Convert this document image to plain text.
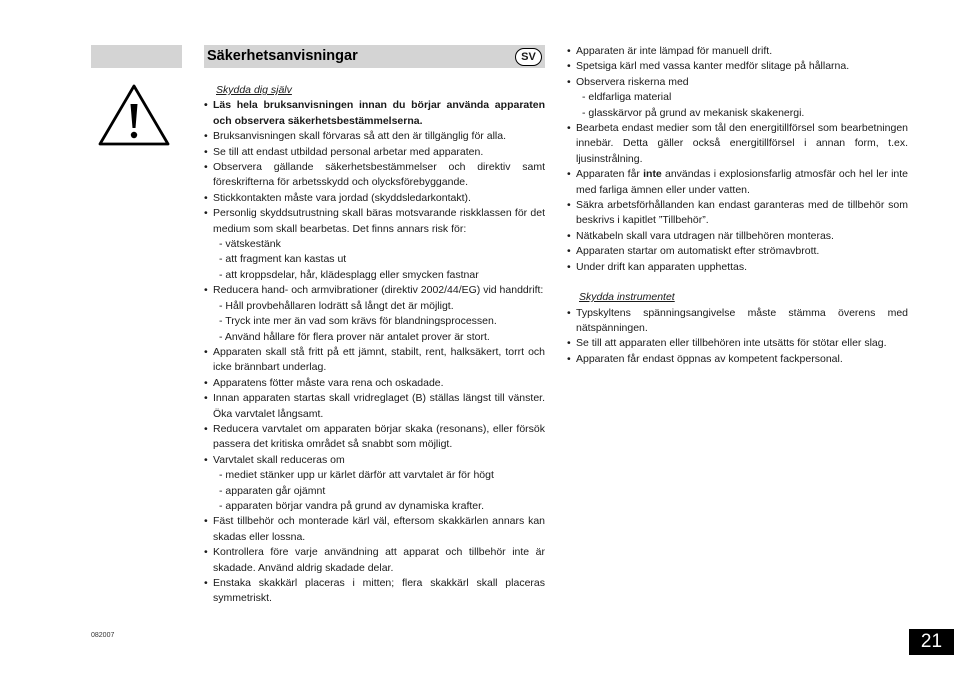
Säkerhetsanvisningar	SV
Skydda dig själv
• Läs hela bruksanvisningen innan du börjar använda apparaten och observera säkerhetsbestämmelserna.
• Bruksanvisningen skall förvaras så att den är tillgänglig för alla.
• Se till att endast utbildad personal arbetar med apparaten.
• Observera gällande säkerhetsbestämmelser och direktiv samt föreskrifterna för arbetsskydd och olycksförebyggande.
• Stickkontakten måste vara jordad (skyddsledarkontakt).
• Personlig skyddsutrustning skall bäras motsvarande riskklassen för det medium som skall bearbetas. Det finns annars risk för:
- vätskestänk
- att fragment kan kastas ut
- att kroppsdelar, hår, klädesplagg eller smycken fastnar
• Reducera hand- och armvibrationer (direktiv 2002/44/EG) vid handdrift:
- Håll provbehållaren lodrätt så långt det är möjligt.
- Tryck inte mer än vad som krävs för blandningsprocessen.
- Använd hållare för flera prover när antalet prover är stort.
• Apparaten skall stå fritt på ett jämnt, stabilt, rent, halksäkert, torrt och icke brännbart underlag.
• Apparatens fötter måste vara rena och oskadade.
• Innan apparaten startas skall vridreglaget (B) ställas längst till vänster. Öka varvtalet långsamt.
• Reducera varvtalet om apparaten börjar skaka (resonans), eller försök passera det kritiska området så snabbt som möjligt.
• Varvtalet skall reduceras om
- mediet stänker upp ur kärlet därför att varvtalet är för högt
- apparaten går ojämnt
- apparaten börjar vandra på grund av dynamiska krafter.
• Fäst tillbehör och monterade kärl väl, eftersom skakkärlen annars kan skadas eller lossna.
• Kontrollera före varje användning att apparat och tillbehör inte är skadade. Använd aldrig skadade delar.
• Enstaka skakkärl placeras i mitten; flera skakkärl skall placeras symmetriskt.
• Apparaten är inte lämpad för manuell drift.
• Spetsiga kärl med vassa kanter medför slitage på hållarna.
• Observera riskerna med
- eldfarliga material
- glasskärvor på grund av mekanisk skakenergi.
• Bearbeta endast medier som tål den energitillförsel som bearbetningen innebär. Detta gäller också energitillförsel i annan form, t.ex. ljusinstrålning.
• Apparaten får inte användas i explosionsfarlig atmosfär och hel ler inte med farliga ämnen eller under vatten.
• Säkra arbetsförhållanden kan endast garanteras med de tillbehör som beskrivs i kapitlet ”Tillbehör”.
• Nätkabeln skall vara utdragen när tillbehören monteras.
• Apparaten startar om automatiskt efter strömavbrott.
• Under drift kan apparaten upphettas.
Skydda instrumentet
• Typskyltens spänningsangivelse måste stämma överens med nätspänningen.
• Se till att apparaten eller tillbehören inte utsätts för stötar eller slag.
• Apparaten får endast öppnas av kompetent fackpersonal.
082007	21
